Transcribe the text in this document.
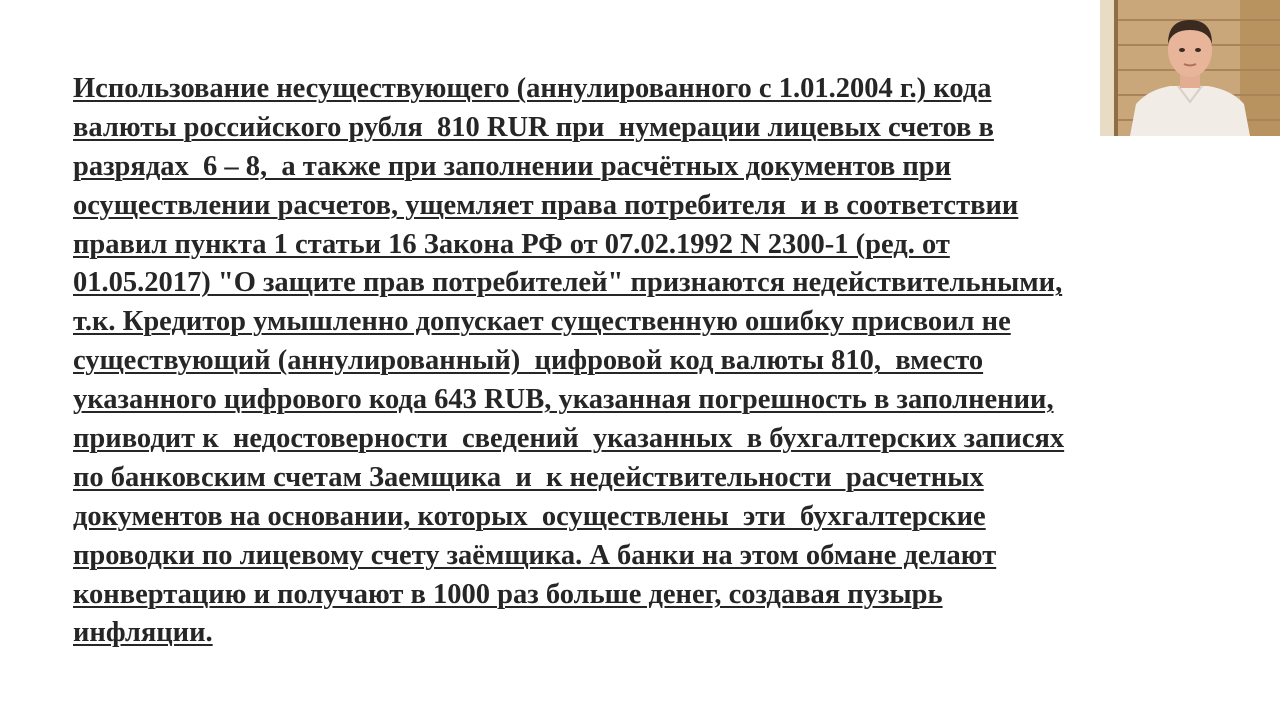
Использование несуществующего (аннулированного с 1.01.2004 г.) кода
валюты российского рубля  810 RUR при  нумерации лицевых счетов в
разрядах  6 – 8,  а также при заполнении расчётных документов при
осуществлении расчетов, ущемляет права потребителя  и в соответствии
правил пункта 1 статьи 16 Закона РФ от 07.02.1992 N 2300-1 (ред. от
01.05.2017) "О защите прав потребителей" признаются недействительными,
т.к. Кредитор умышленно допускает существенную ошибку присвоил не
существующий (аннулированный)  цифровой код валюты 810,  вместо
указанного цифрового кода 643 RUB, указанная погрешность в заполнении,
приводит к  недостоверности  сведений  указанных  в бухгалтерских записях
по банковским счетам Заемщика  и  к недействительности  расчетных
документов на основании, которых  осуществлены  эти  бухгалтерские
проводки по лицевому счету заёмщика. А банки на этом обмане делают
конвертацию и получают в 1000 раз больше денег, создавая пузырь
инфляции.
